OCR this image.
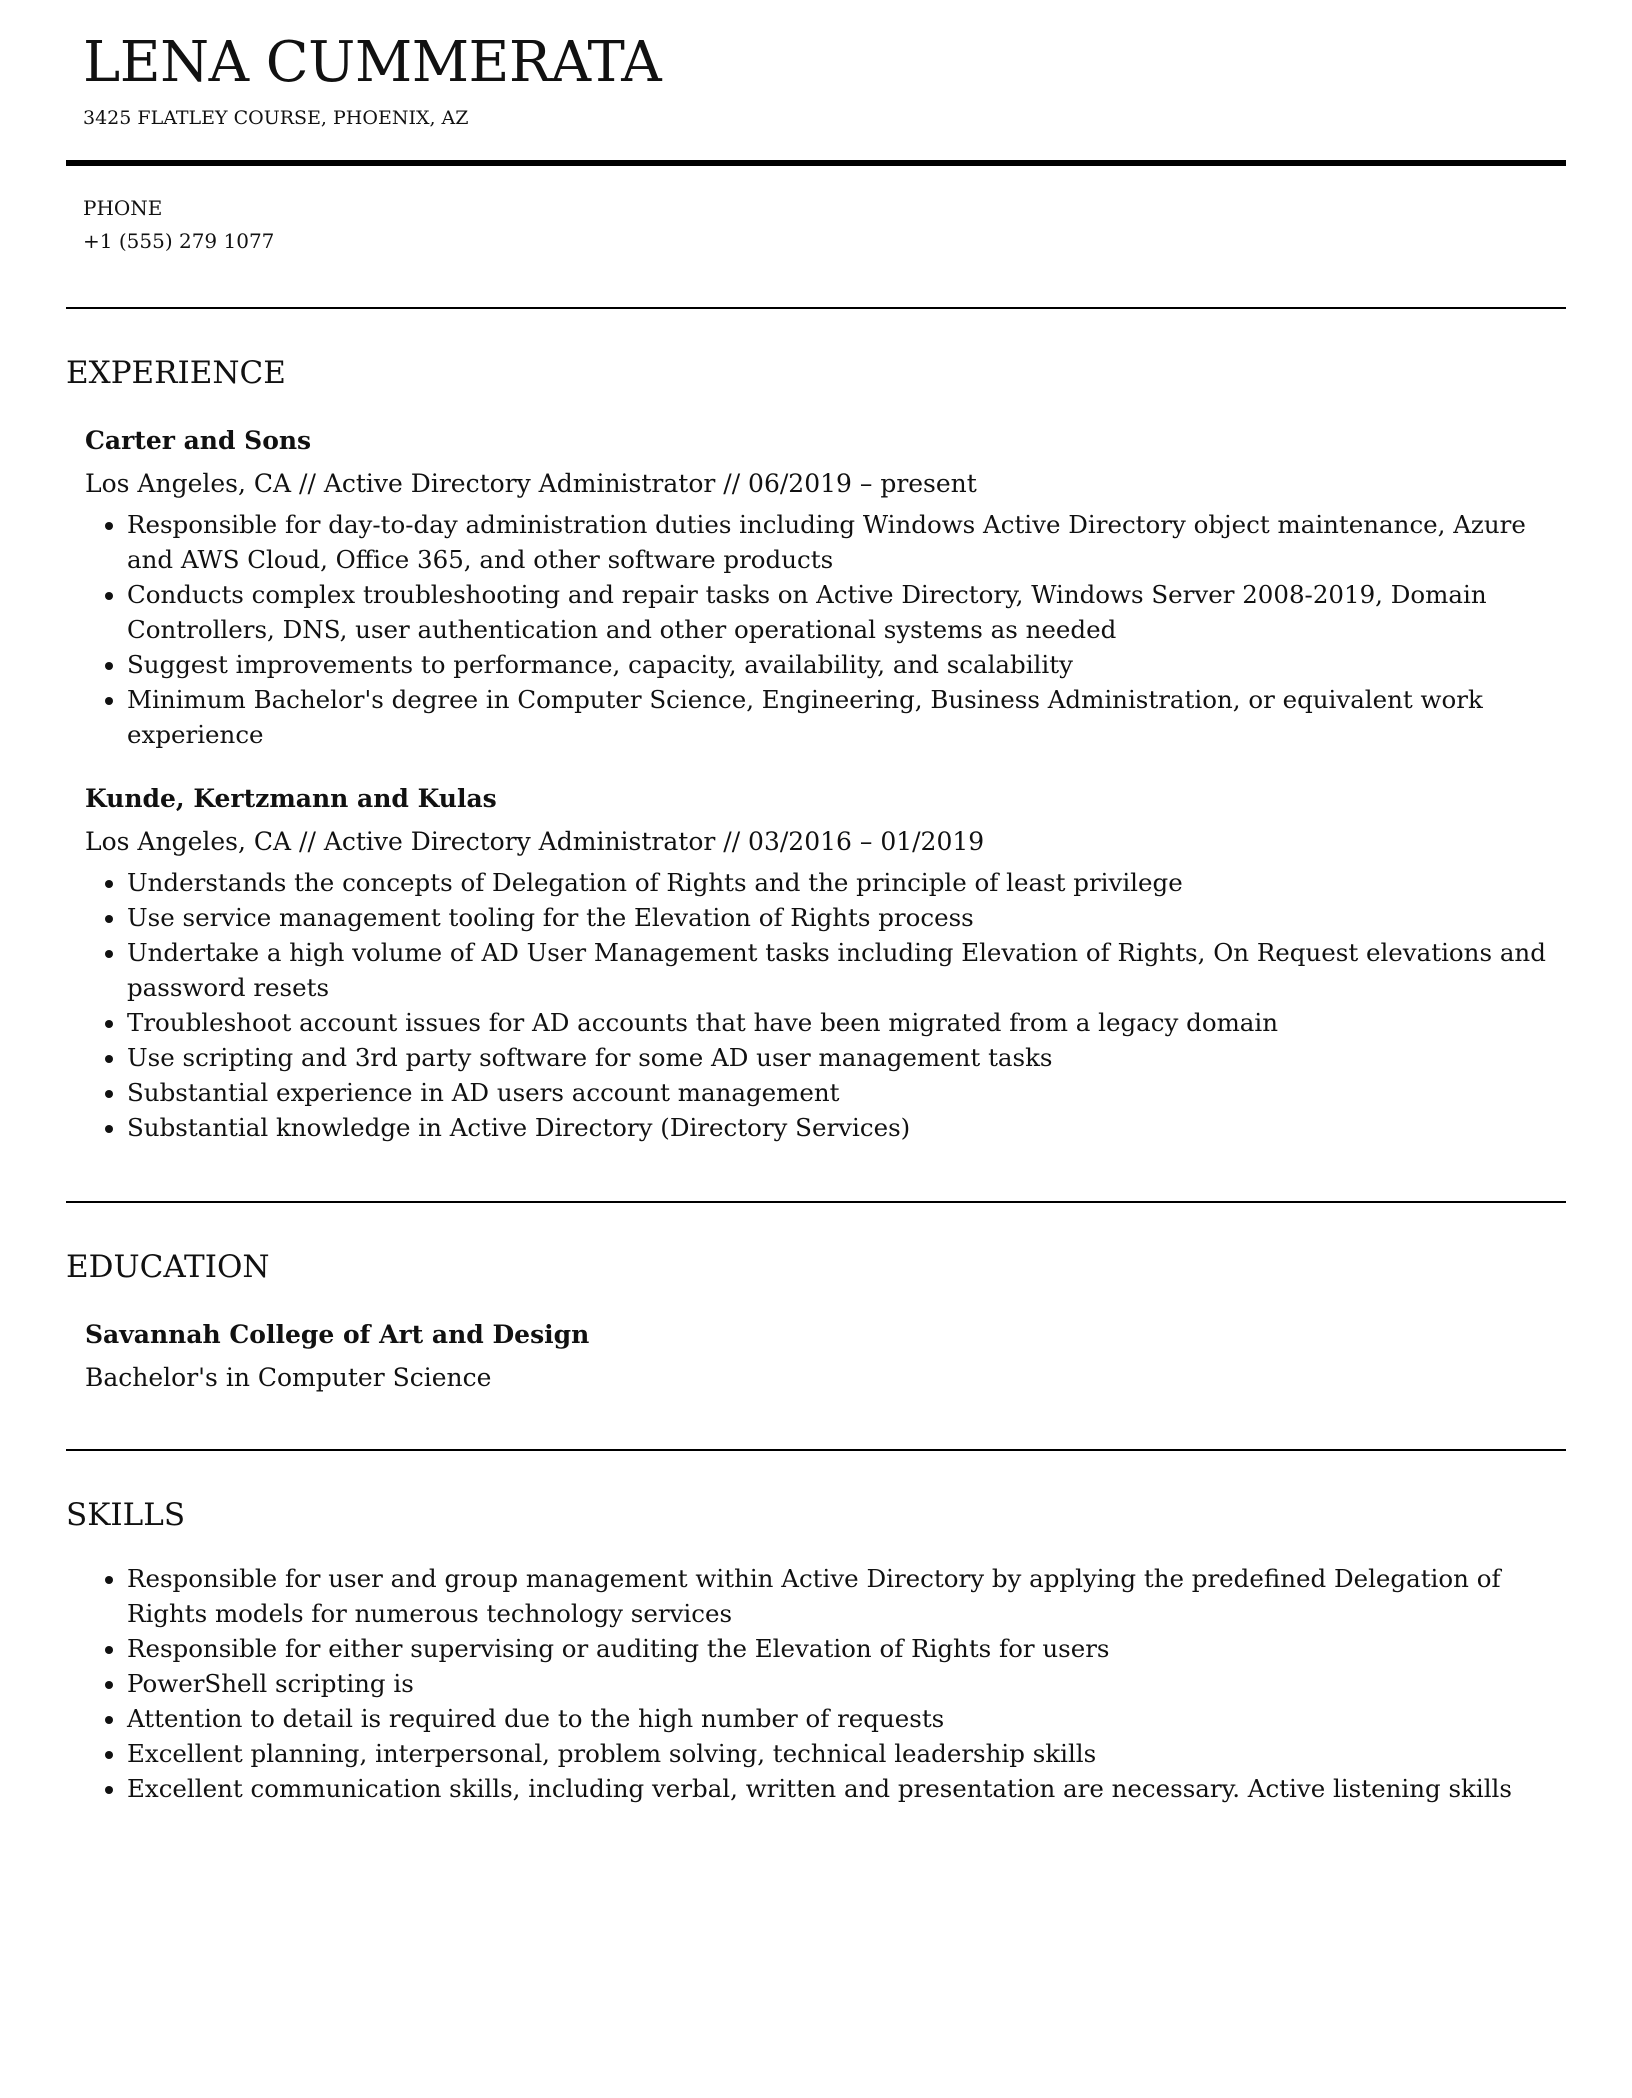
LENA CUMMERATA
3425 FLATLEY COURSE, PHOENIX, AZ
PHONE
+1 (555) 279 1077
EXPERIENCE
Carter and Sons
Los Angeles, CA // Active Directory Administrator // 06/2019 – present
• Responsible for day-to-day administration duties including Windows Active Directory object maintenance, Azure and AWS Cloud, Office 365, and other software products
• Conducts complex troubleshooting and repair tasks on Active Directory, Windows Server 2008-2019, Domain Controllers, DNS, user authentication and other operational systems as needed
• Suggest improvements to performance, capacity, availability, and scalability
• Minimum Bachelor's degree in Computer Science, Engineering, Business Administration, or equivalent work experience
Kunde, Kertzmann and Kulas
Los Angeles, CA // Active Directory Administrator // 03/2016 – 01/2019
• Understands the concepts of Delegation of Rights and the principle of least privilege
• Use service management tooling for the Elevation of Rights process
• Undertake a high volume of AD User Management tasks including Elevation of Rights, On Request elevations and password resets
• Troubleshoot account issues for AD accounts that have been migrated from a legacy domain
• Use scripting and 3rd party software for some AD user management tasks
• Substantial experience in AD users account management
• Substantial knowledge in Active Directory (Directory Services)
EDUCATION
Savannah College of Art and Design
Bachelor's in Computer Science
SKILLS
• Responsible for user and group management within Active Directory by applying the predefined Delegation of Rights models for numerous technology services
• Responsible for either supervising or auditing the Elevation of Rights for users
• PowerShell scripting is
• Attention to detail is required due to the high number of requests
• Excellent planning, interpersonal, problem solving, technical leadership skills
• Excellent communication skills, including verbal, written and presentation are necessary. Active listening skills
